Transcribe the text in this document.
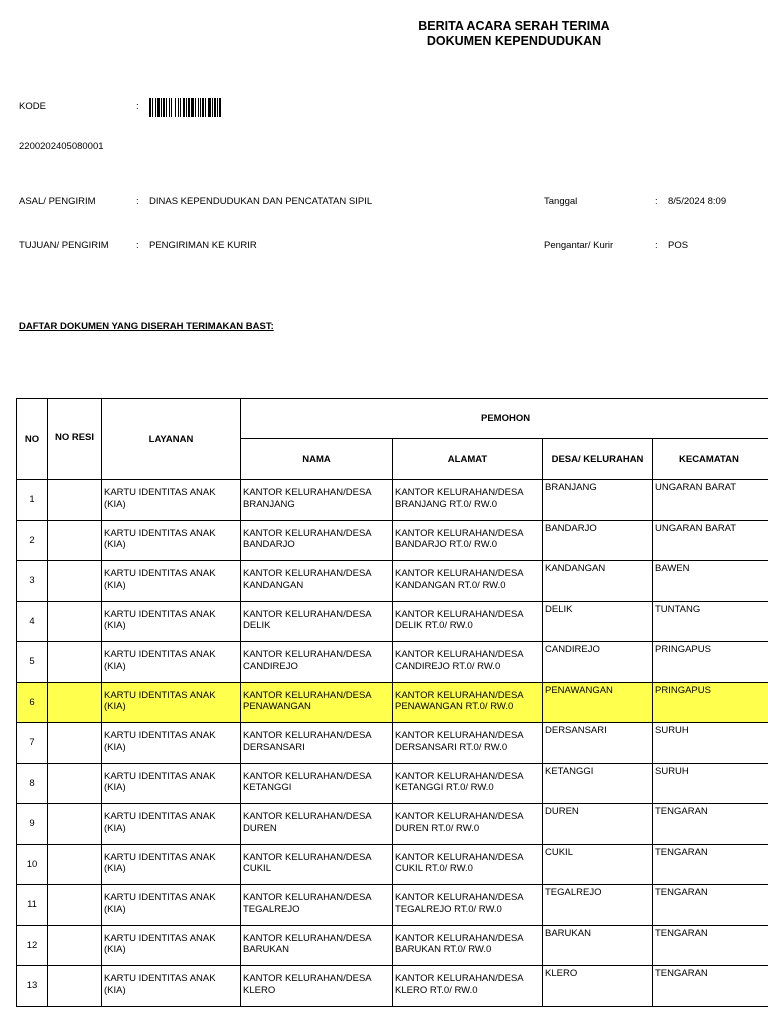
BERITA ACARA SERAH TERIMA
DOKUMEN KEPENDUDUKAN
KODE	:
2200202405080001
ASAL/ PENGIRIM	: DINAS KEPENDUDUKAN DAN PENCATATAN SIPIL	Tanggal	: 8/5/2024 8:09
TUJUAN/ PENGIRIM	: PENGIRIMAN KE KURIR	Pengantar/ Kurir	: POS
DAFTAR DOKUMEN YANG DISERAH TERIMAKAN BAST:
NO	NO RESI	LAYANAN	PEMOHON			
			NAMA	ALAMAT	DESA/ KELURAHAN	KECAMATAN
1		KARTU IDENTITAS ANAK (KIA)	KANTOR KELURAHAN/DESA BRANJANG	KANTOR KELURAHAN/DESA BRANJANG RT.0/ RW.0	BRANJANG	UNGARAN BARAT
2		KARTU IDENTITAS ANAK (KIA)	KANTOR KELURAHAN/DESA BANDARJO	KANTOR KELURAHAN/DESA BANDARJO RT.0/ RW.0	BANDARJO	UNGARAN BARAT
3		KARTU IDENTITAS ANAK (KIA)	KANTOR KELURAHAN/DESA KANDANGAN	KANTOR KELURAHAN/DESA KANDANGAN RT.0/ RW.0	KANDANGAN	BAWEN
4		KARTU IDENTITAS ANAK (KIA)	KANTOR KELURAHAN/DESA DELIK	KANTOR KELURAHAN/DESA DELIK RT.0/ RW.0	DELIK	TUNTANG
5		KARTU IDENTITAS ANAK (KIA)	KANTOR KELURAHAN/DESA CANDIREJO	KANTOR KELURAHAN/DESA CANDIREJO RT.0/ RW.0	CANDIREJO	PRINGAPUS
6		KARTU IDENTITAS ANAK (KIA)	KANTOR KELURAHAN/DESA PENAWANGAN	KANTOR KELURAHAN/DESA PENAWANGAN RT.0/ RW.0	PENAWANGAN	PRINGAPUS
7		KARTU IDENTITAS ANAK (KIA)	KANTOR KELURAHAN/DESA DERSANSARI	KANTOR KELURAHAN/DESA DERSANSARI RT.0/ RW.0	DERSANSARI	SURUH
8		KARTU IDENTITAS ANAK (KIA)	KANTOR KELURAHAN/DESA KETANGGI	KANTOR KELURAHAN/DESA KETANGGI RT.0/ RW.0	KETANGGI	SURUH
9		KARTU IDENTITAS ANAK (KIA)	KANTOR KELURAHAN/DESA DUREN	KANTOR KELURAHAN/DESA DUREN RT.0/ RW.0	DUREN	TENGARAN
10		KARTU IDENTITAS ANAK (KIA)	KANTOR KELURAHAN/DESA CUKIL	KANTOR KELURAHAN/DESA CUKIL RT.0/ RW.0	CUKIL	TENGARAN
11		KARTU IDENTITAS ANAK (KIA)	KANTOR KELURAHAN/DESA TEGALREJO	KANTOR KELURAHAN/DESA TEGALREJO RT.0/ RW.0	TEGALREJO	TENGARAN
12		KARTU IDENTITAS ANAK (KIA)	KANTOR KELURAHAN/DESA BARUKAN	KANTOR KELURAHAN/DESA BARUKAN RT.0/ RW.0	BARUKAN	TENGARAN
13		KARTU IDENTITAS ANAK (KIA)	KANTOR KELURAHAN/DESA KLERO	KANTOR KELURAHAN/DESA KLERO RT.0/ RW.0	KLERO	TENGARAN
